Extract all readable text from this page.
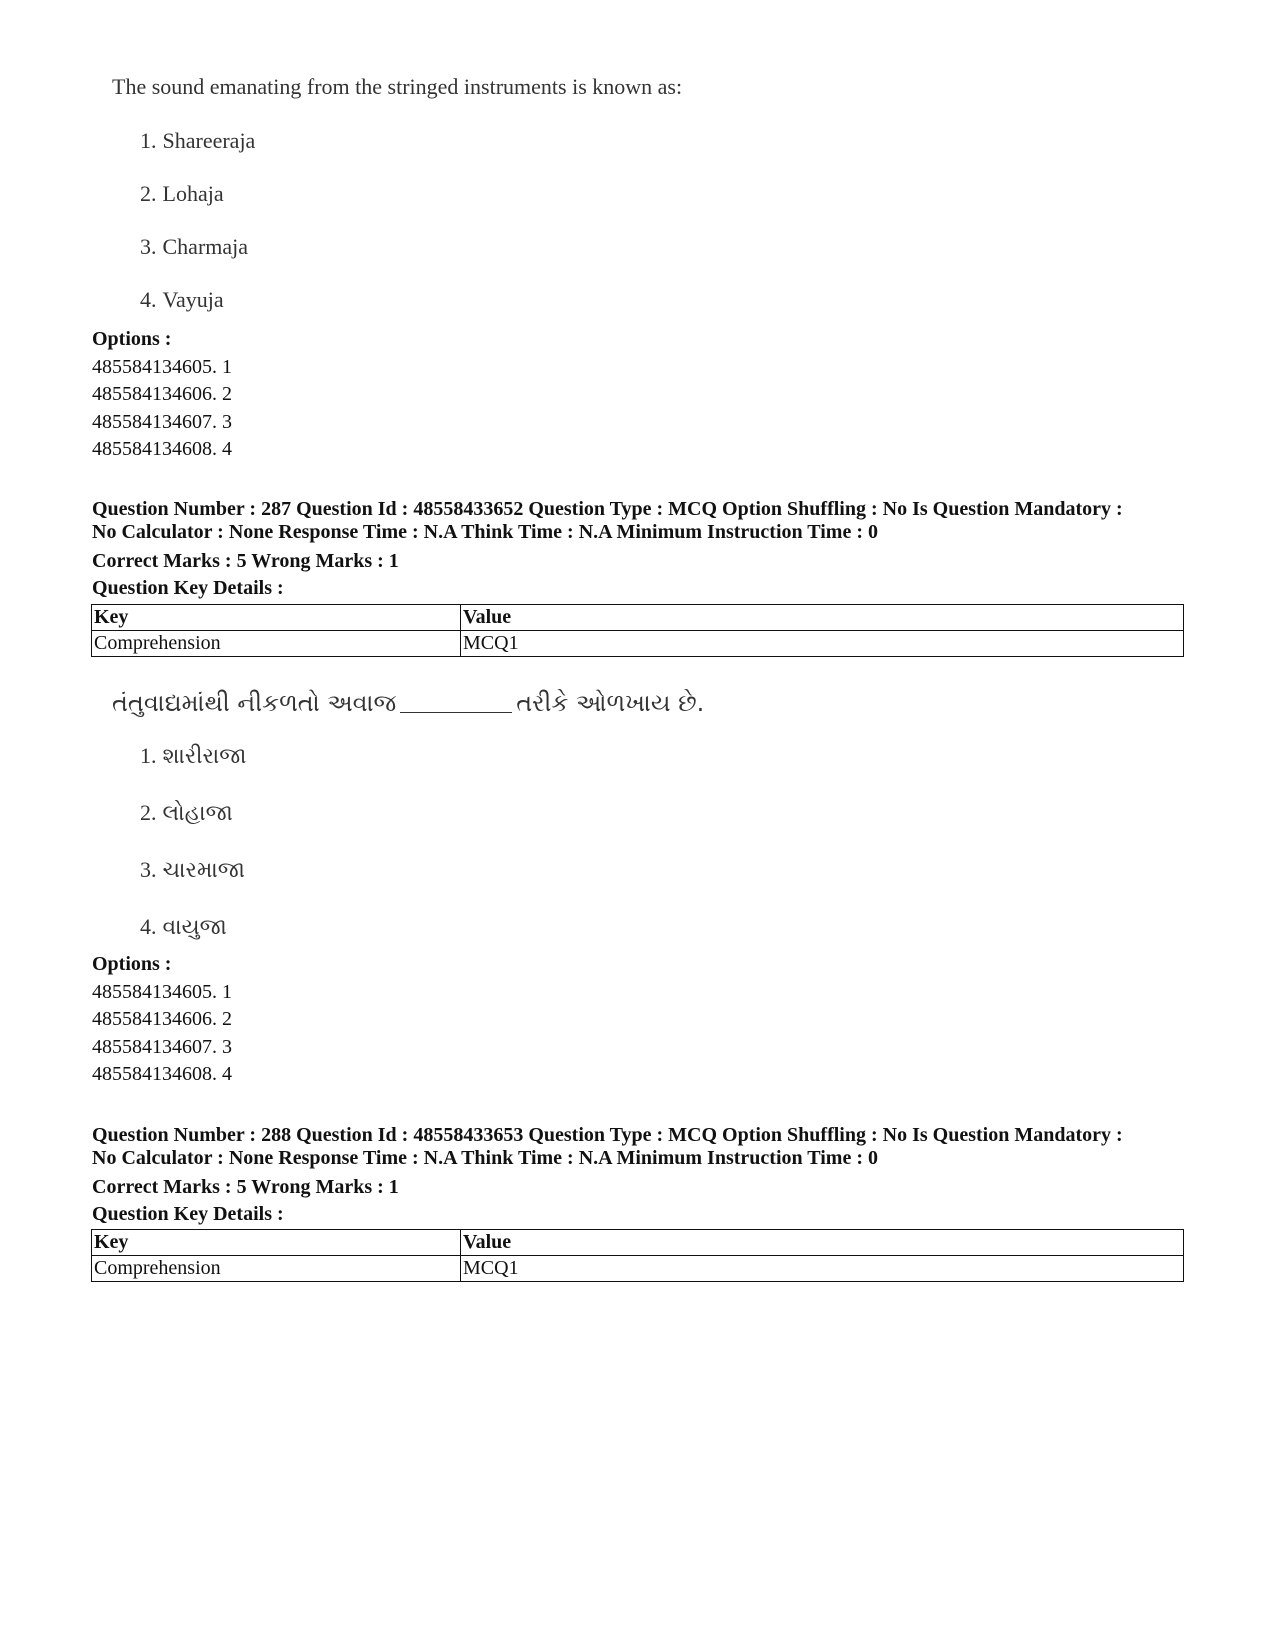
The sound emanating from the stringed instruments is known as:
1. Shareeraja
2. Lohaja
3. Charmaja
4. Vayuja
Options :
485584134605. 1
485584134606. 2
485584134607. 3
485584134608. 4
Question Number : 287 Question Id : 48558433652 Question Type : MCQ Option Shuffling : No Is Question Mandatory :
No Calculator : None Response Time : N.A Think Time : N.A Minimum Instruction Time : 0
Correct Marks : 5 Wrong Marks : 1
Question Key Details :
Key	Value
Comprehension	MCQ1
તંતુવાદ્યમાંથી નીકળતો અવાજ	તરીકે ઓળખાય છે.
1. શારીરાજા
2. લોહાજા
3. ચારમાજા
4. વાયુજા
Options :
485584134605. 1
485584134606. 2
485584134607. 3
485584134608. 4
Question Number : 288 Question Id : 48558433653 Question Type : MCQ Option Shuffling : No Is Question Mandatory :
No Calculator : None Response Time : N.A Think Time : N.A Minimum Instruction Time : 0
Correct Marks : 5 Wrong Marks : 1
Question Key Details :
Key	Value
Comprehension	MCQ1
